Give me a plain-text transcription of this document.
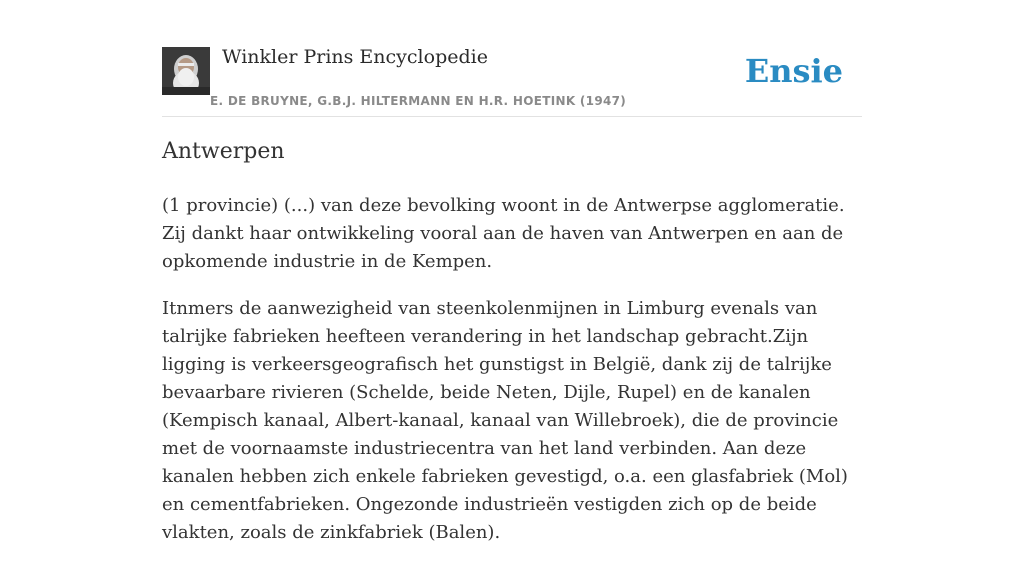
Winkler Prins Encyclopedie
E. DE BRUYNE, G.B.J. HILTERMANN EN H.R. HOETINK (1947)
Ensie
Antwerpen

(1 provincie) (...) van deze bevolking woont in de Antwerpse agglomeratie. Zij dankt haar ontwikkeling vooral aan de haven van Antwerpen en aan de opkomende industrie in de Kempen.

Itnmers de aanwezigheid van steenkolenmijnen in Limburg evenals van talrijke fabrieken heefteen verandering in het landschap gebracht.Zijn ligging is verkeersgeografisch het gunstigst in België, dank zij de talrijke bevaarbare rivieren (Schelde, beide Neten, Dijle, Rupel) en de kanalen (Kempisch kanaal, Albert-kanaal, kanaal van Willebroek), die de provincie met de voornaamste industriecentra van het land verbinden. Aan deze kanalen hebben zich enkele fabrieken gevestigd, o.a. een glasfabriek (Mol) en cementfabrieken. Ongezonde industrieën vestigden zich op de beide vlakten, zoals de zinkfabriek (Balen).
